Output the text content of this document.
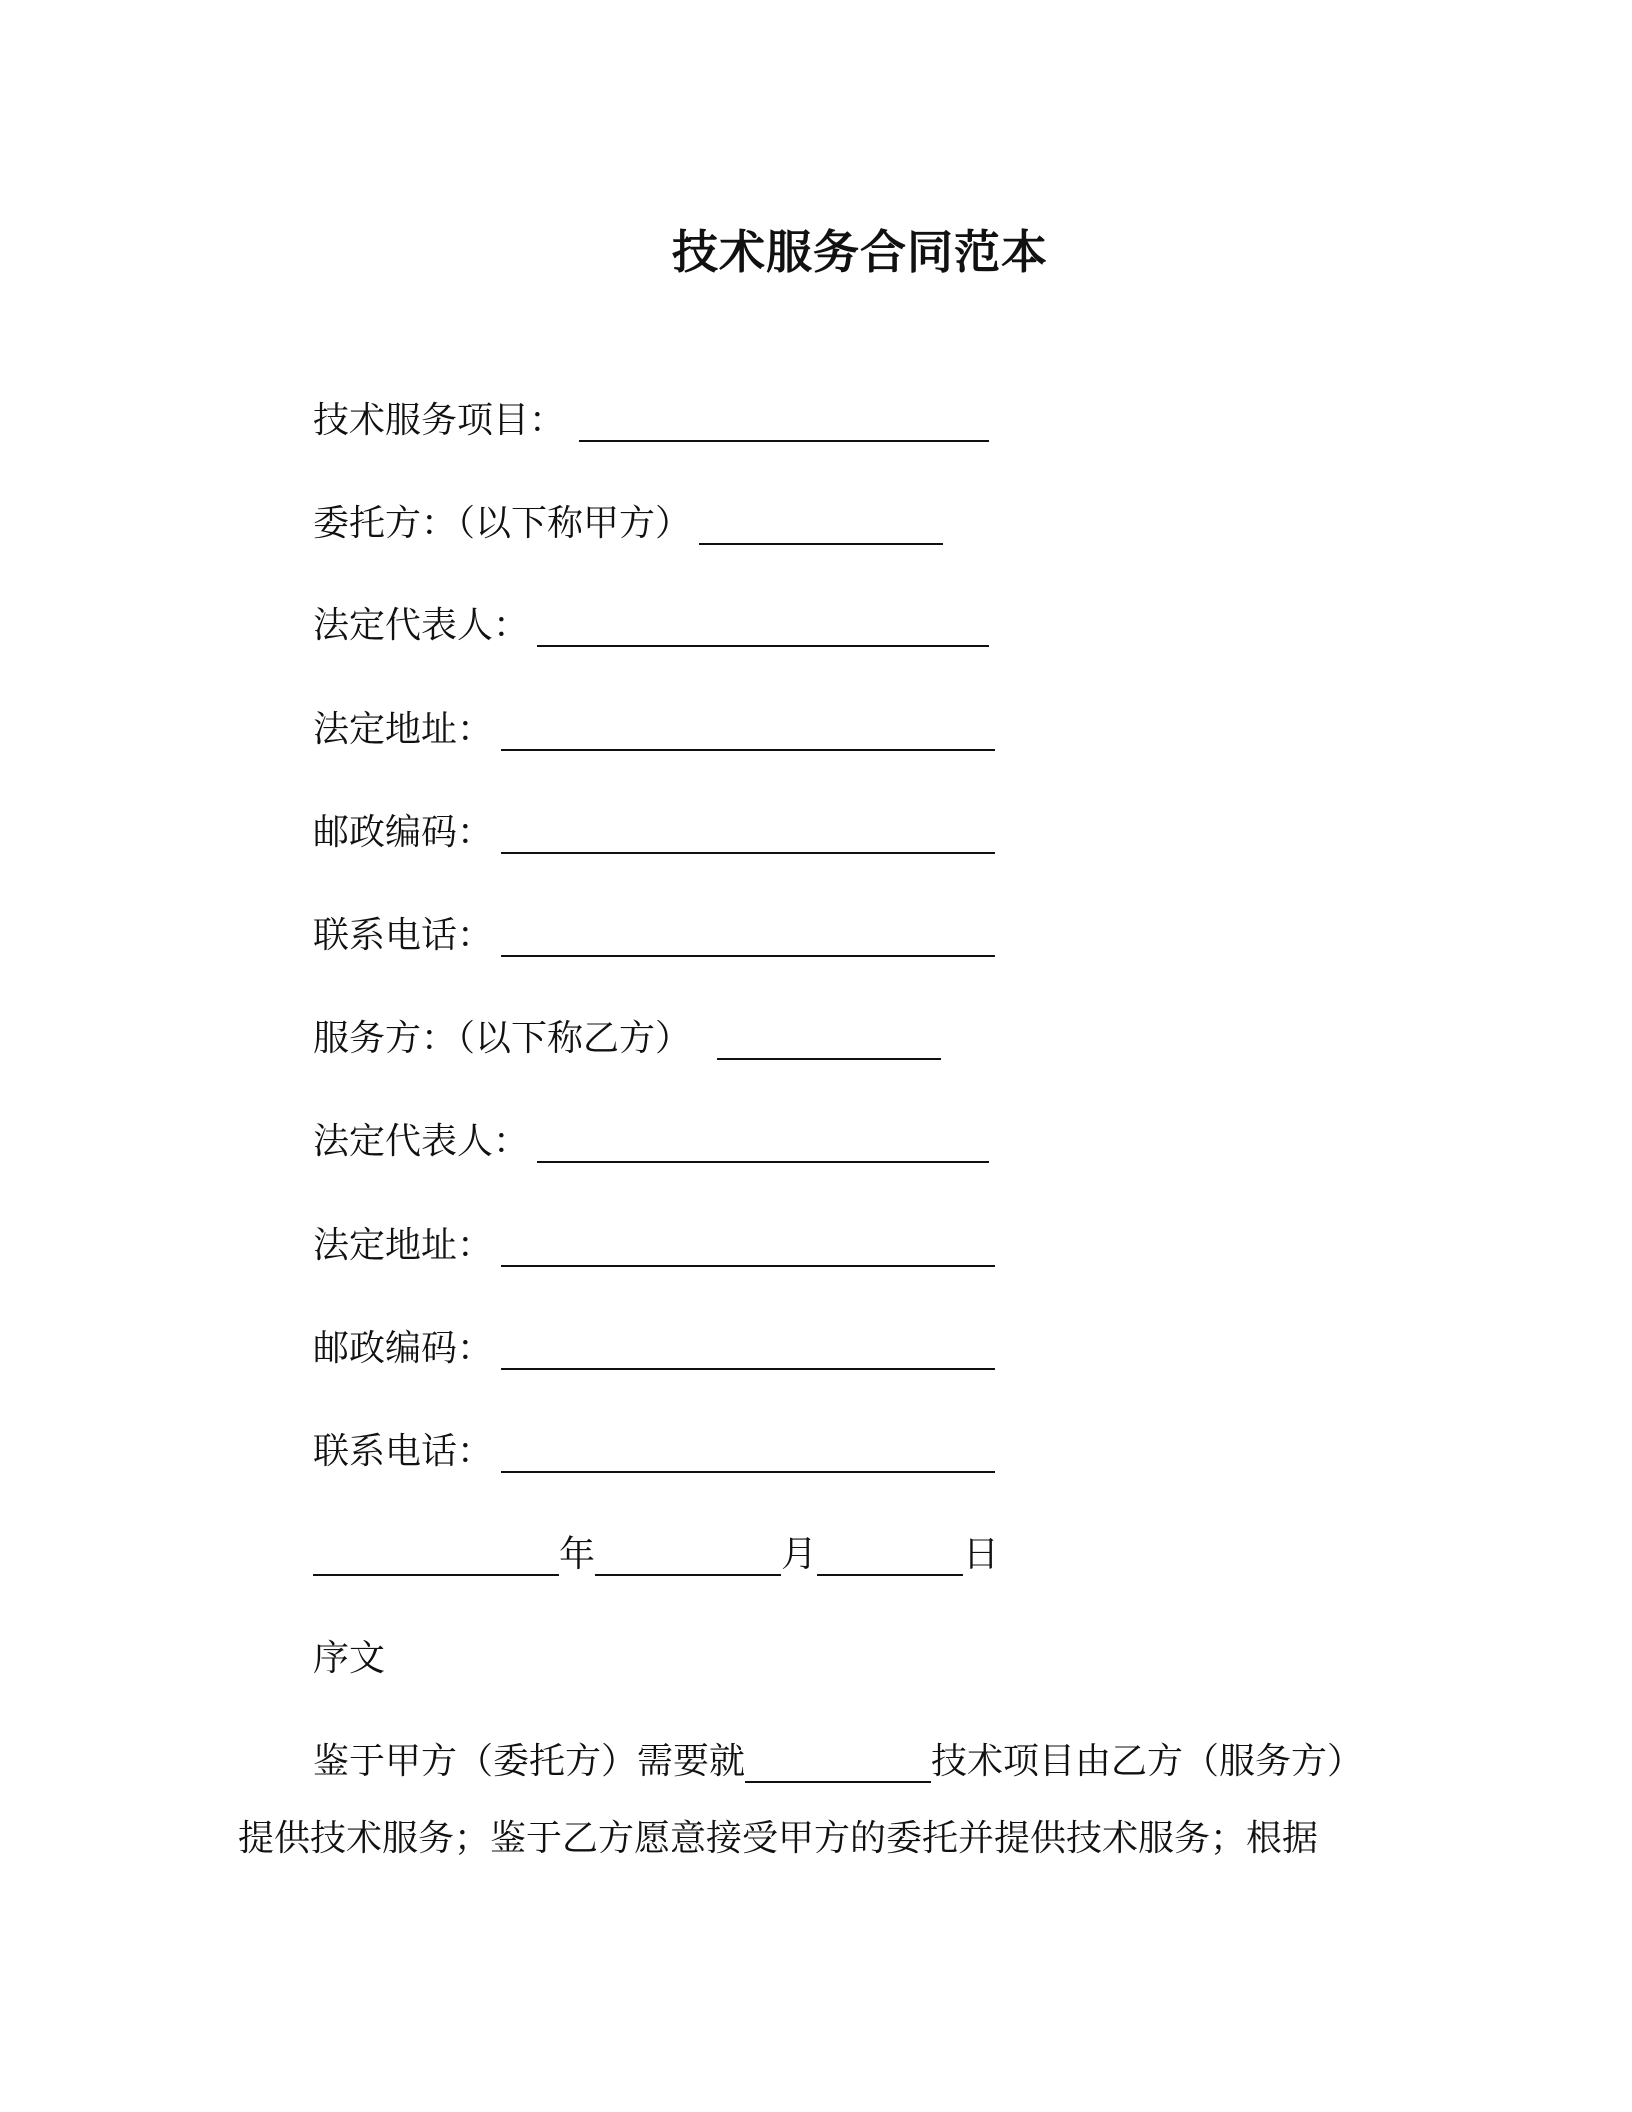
技术服务合同范本
技术服务项目：
委托方：（以下称甲方）
法定代表人：
法定地址：
邮政编码：
联系电话：
服务方：（以下称乙方）
法定代表人：
法定地址：
邮政编码：
联系电话：
年	月	日
序文
鉴于甲方（委托方）需要就	技术项目由乙方（服务方）
提供技术服务；鉴于乙方愿意接受甲方的委托并提供技术服务；根据
